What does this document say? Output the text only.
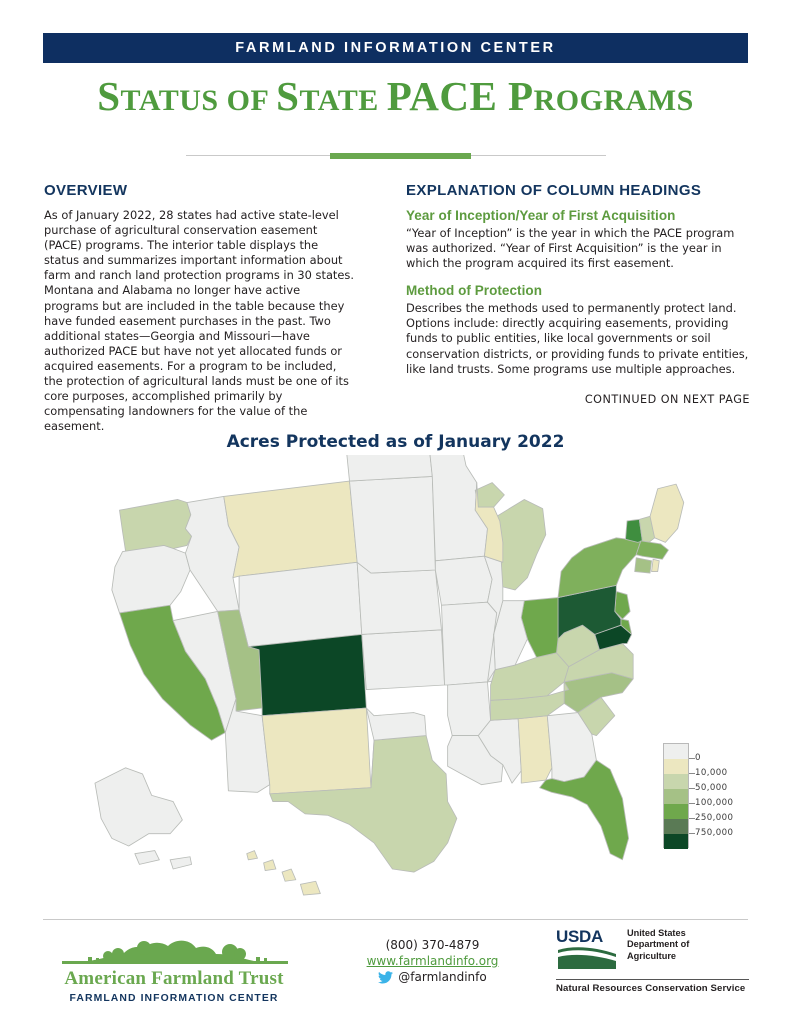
FARMLAND INFORMATION CENTER
STATUS OF STATE PACE PROGRAMS
OVERVIEW

As of January 2022, 28 states had active state-level purchase of agricultural conservation easement (PACE) programs. The interior table displays the status and summarizes important information about farm and ranch land protection programs in 30 states. Montana and Alabama no longer have active programs but are included in the table because they have funded easement purchases in the past. Two additional states—Georgia and Missouri—have authorized PACE but have not yet allocated funds or acquired easements. For a program to be included, the protection of agricultural lands must be one of its core purposes, accomplished primarily by compensating landowners for the value of the easement.

EXPLANATION OF COLUMN HEADINGS
Year of Inception/Year of First Acquisition

“Year of Inception” is the year in which the PACE program was authorized. “Year of First Acquisition” is the year in which the program acquired its first easement.

Method of Protection

Describes the methods used to permanently protect land. Options include: directly acquiring easements, providing funds to public entities, like local governments or soil conservation districts, or providing funds to private entities, like land trusts. Some programs use multiple approaches.

CONTINUED ON NEXT PAGE
Acres Protected as of January 2022
0
10,000
50,000
100,000
250,000
750,000
American Farmland Trust
FARMLAND INFORMATION CENTER
(800) 370-4879
www.farmlandinfo.org
@farmlandinfo
USDA	United States
Department of
Agriculture
Natural Resources Conservation Service
